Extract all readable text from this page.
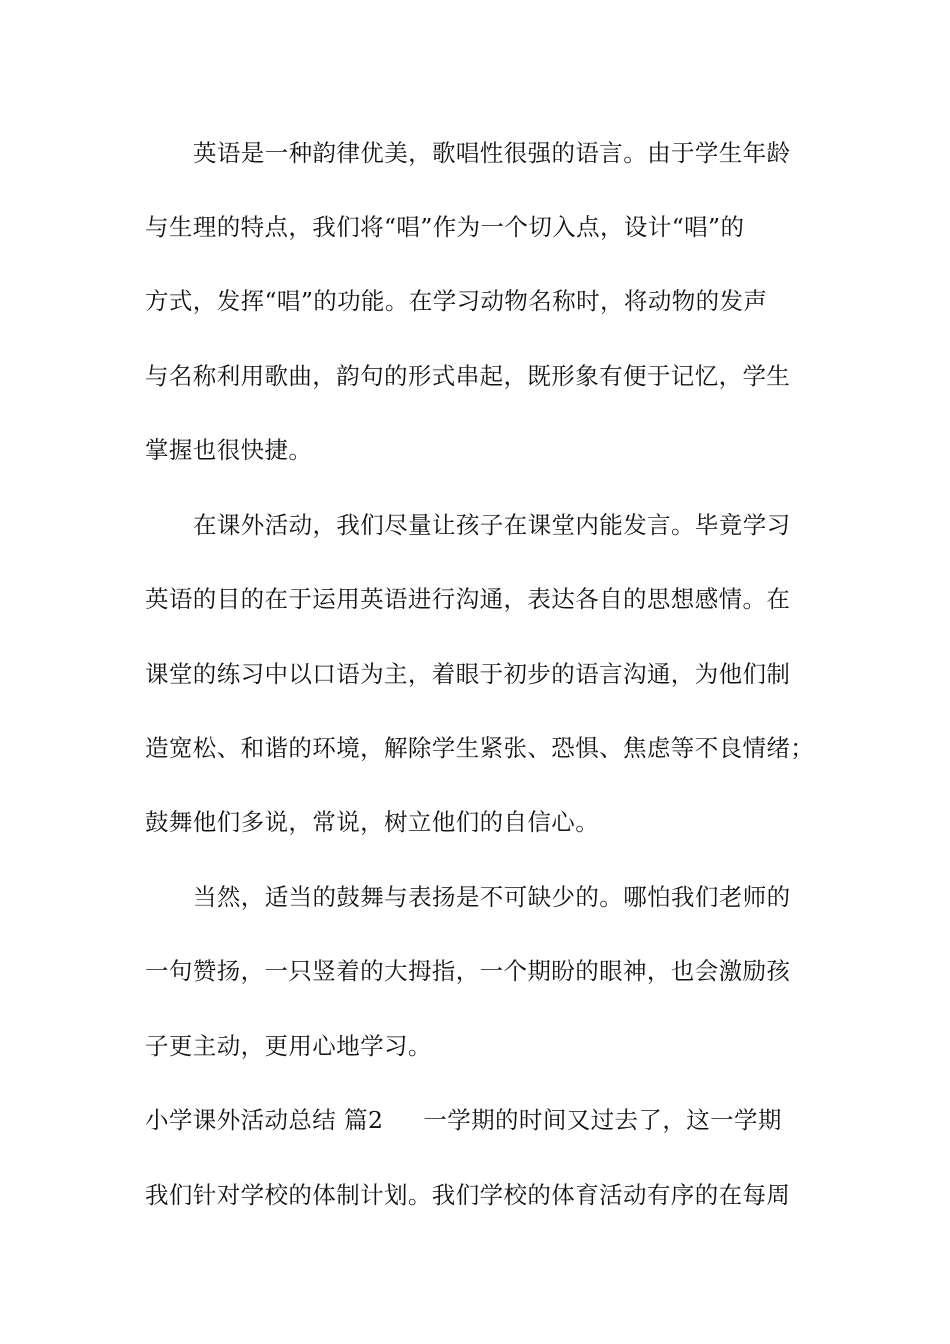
英语是一种韵律优美，歌唱性很强的语言。由于学生年龄
与生理的特点，我们将“唱”作为一个切入点，设计“唱”的
方式，发挥“唱”的功能。在学习动物名称时，将动物的发声
与名称利用歌曲，韵句的形式串起，既形象有便于记忆，学生
掌握也很快捷。
在课外活动，我们尽量让孩子在课堂内能发言。毕竟学习
英语的目的在于运用英语进行沟通，表达各自的思想感情。在
课堂的练习中以口语为主，着眼于初步的语言沟通，为他们制
造宽松、和谐的环境，解除学生紧张、恐惧、焦虑等不良情绪；
鼓舞他们多说，常说，树立他们的自信心。
当然，适当的鼓舞与表扬是不可缺少的。哪怕我们老师的
一句赞扬，一只竖着的大拇指，一个期盼的眼神，也会激励孩
子更主动，更用心地学习。
小学课外活动总结 篇2 一学期的时间又过去了，这一学期
我们针对学校的体制计划。我们学校的体育活动有序的在每周
